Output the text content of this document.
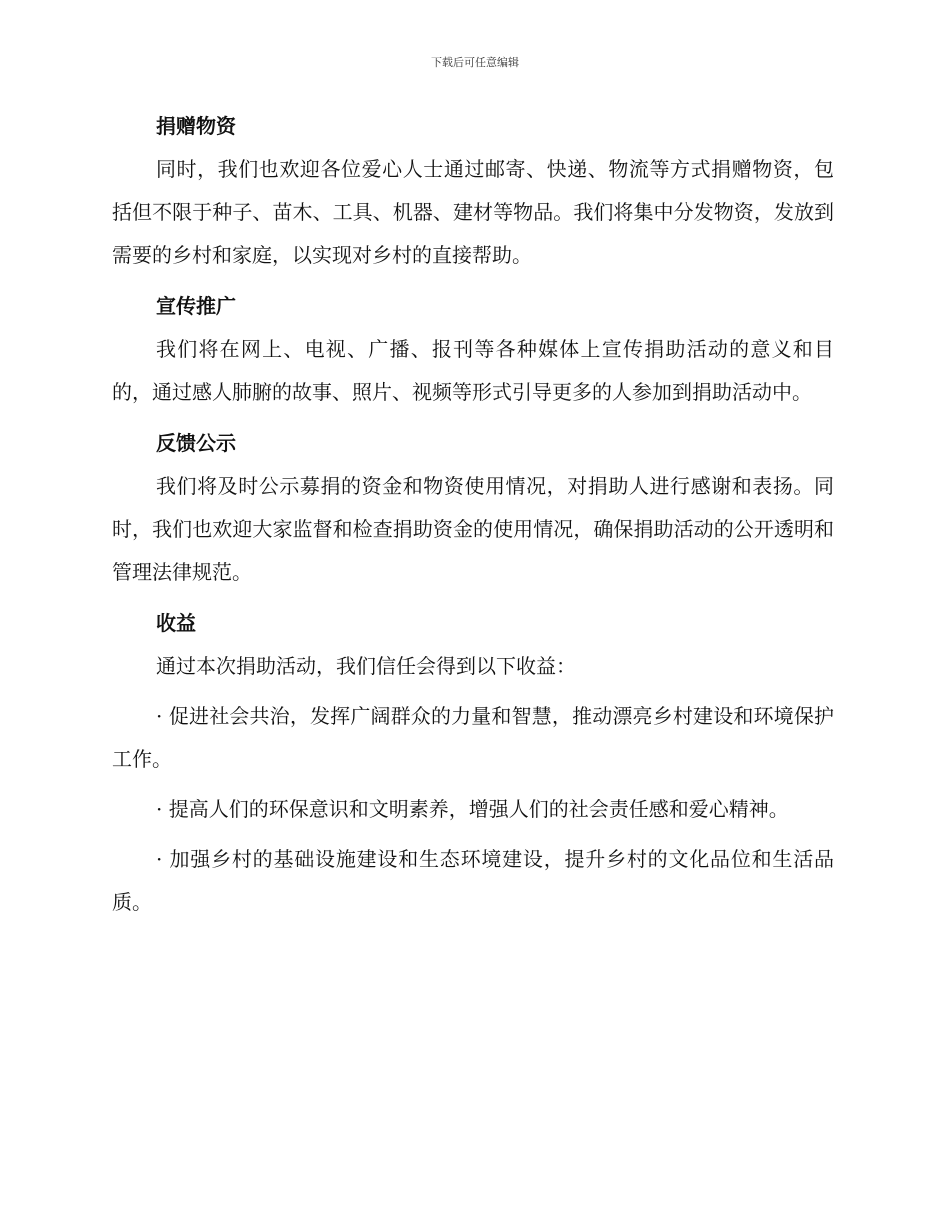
下载后可任意编辑
捐赠物资

同时，我们也欢迎各位爱心人士通过邮寄、快递、物流等方式捐赠物资，包括但不限于种子、苗木、工具、机器、建材等物品。我们将集中分发物资，发放到需要的乡村和家庭，以实现对乡村的直接帮助。

宣传推广

我们将在网上、电视、广播、报刊等各种媒体上宣传捐助活动的意义和目的，通过感人肺腑的故事、照片、视频等形式引导更多的人参加到捐助活动中。

反馈公示

我们将及时公示募捐的资金和物资使用情况，对捐助人进行感谢和表扬。同时，我们也欢迎大家监督和检查捐助资金的使用情况，确保捐助活动的公开透明和管理法律规范。

收益

通过本次捐助活动，我们信任会得到以下收益：

· 促进社会共治，发挥广阔群众的力量和智慧，推动漂亮乡村建设和环境保护工作。

· 提高人们的环保意识和文明素养，增强人们的社会责任感和爱心精神。

· 加强乡村的基础设施建设和生态环境建设，提升乡村的文化品位和生活品质。
